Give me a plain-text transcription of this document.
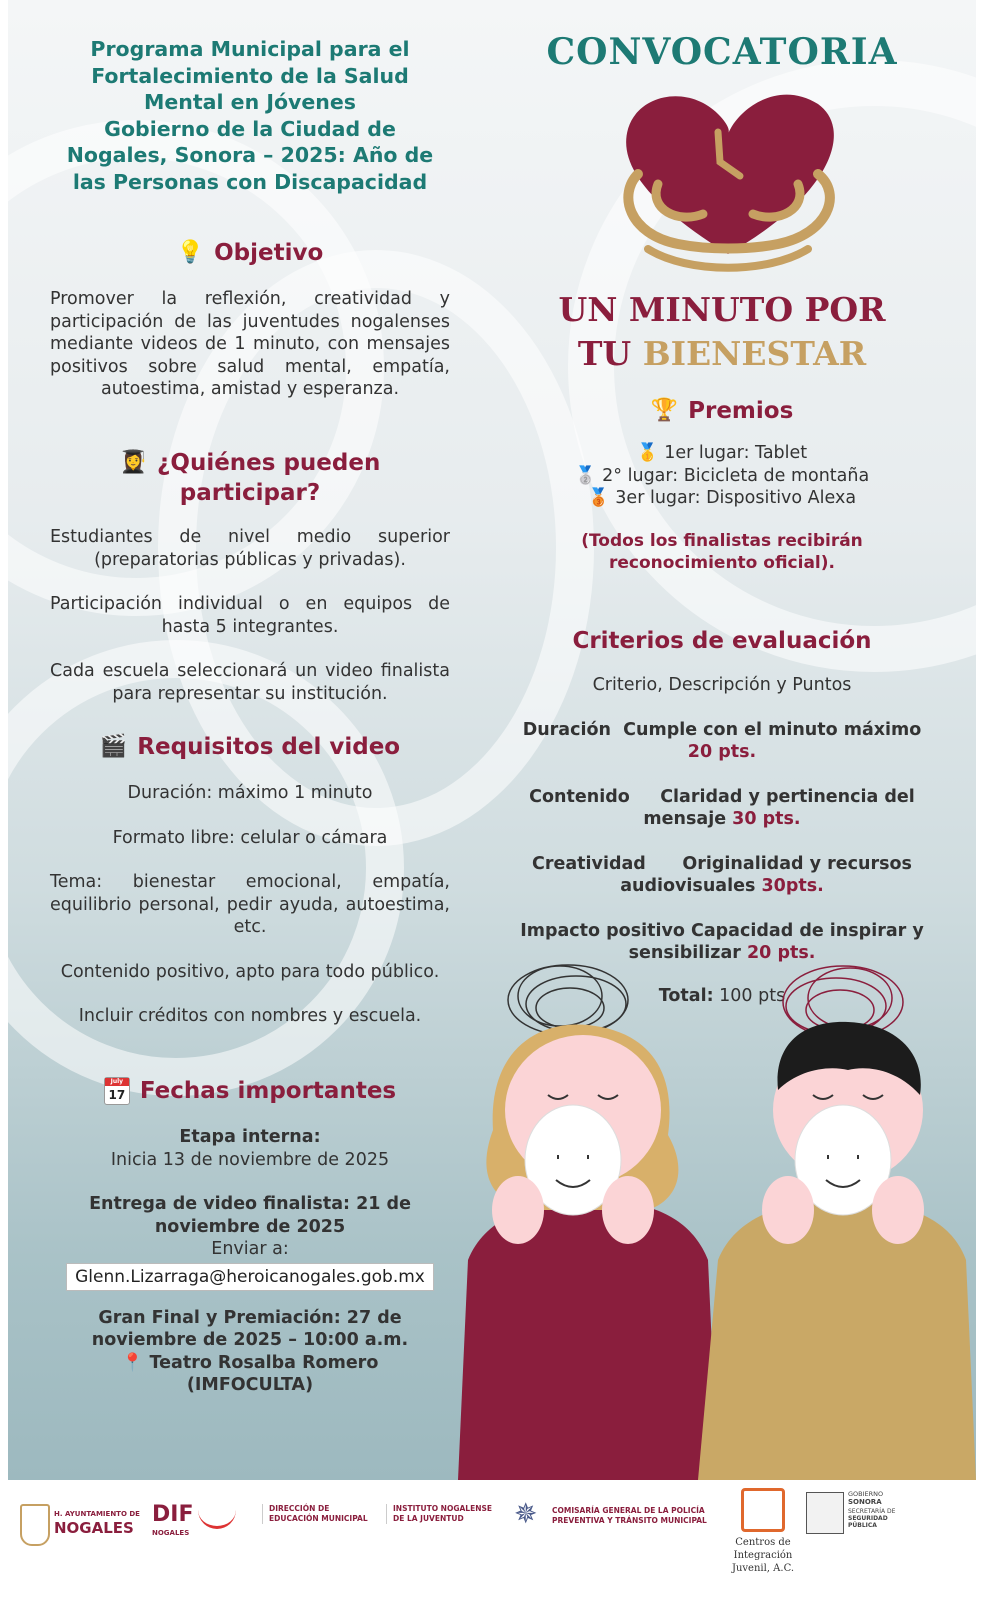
Programa Municipal para el
Fortalecimiento de la Salud
Mental en Jóvenes
Gobierno de la Ciudad de
Nogales, Sonora – 2025: Año de
las Personas con Discapacidad
💡 Objetivo
Promover la reflexión, creatividad y participación de las juventudes nogalenses mediante videos de 1 minuto, con mensajes positivos sobre salud mental, empatía, autoestima, amistad y esperanza.
👩‍🎓 ¿Quiénes pueden
participar?
Estudiantes de nivel medio superior (preparatorias públicas y privadas).
Participación individual o en equipos de hasta 5 integrantes.
Cada escuela seleccionará un video finalista para representar su institución.
🎬 Requisitos del video
Duración: máximo 1 minuto
Formato libre: celular o cámara
Tema: bienestar emocional, empatía, equilibrio personal, pedir ayuda, autoestima, etc.
Contenido positivo, apto para todo público.
Incluir créditos con nombres y escuela.
July
17 Fechas importantes
Etapa interna:
Inicia 13 de noviembre de 2025
Entrega de video finalista: 21 de
noviembre de 2025
Enviar a:
Glenn.Lizarraga@heroicanogales.gob.mx
Gran Final y Premiación: 27 de
noviembre de 2025 – 10:00 a.m.
📍 Teatro Rosalba Romero
(IMFOCULTA)
CONVOCATORIA
UN MINUTO POR
TU BIENESTAR
🏆 Premios
🥇 1er lugar: Tablet
🥈 2° lugar: Bicicleta de montaña
🥉 3er lugar: Dispositivo Alexa
(Todos los finalistas recibirán
reconocimiento oficial).
Criterios de evaluación
Criterio, Descripción y Puntos
Duración Cumple con el minuto máximo
20 pts.
Contenido Claridad y pertinencia del
mensaje 30 pts.
Creatividad Originalidad y recursos
audiovisuales 30pts.
Impacto positivo Capacidad de inspirar y
sensibilizar 20 pts.
Total: 100 pts
H. AYUNTAMIENTO DE
NOGALES
DIF
NOGALES
DIRECCIÓN DE
EDUCACIÓN MUNICIPAL
INSTITUTO NOGALENSE
DE LA JUVENTUD	✵ COMISARÍA GENERAL DE LA POLICÍA
PREVENTIVA Y TRÁNSITO MUNICIPAL
Centros de
Integración
Juvenil, A.C.
GOBIERNO
SONORA
SECRETARÍA DE
SEGURIDAD
PÚBLICA
